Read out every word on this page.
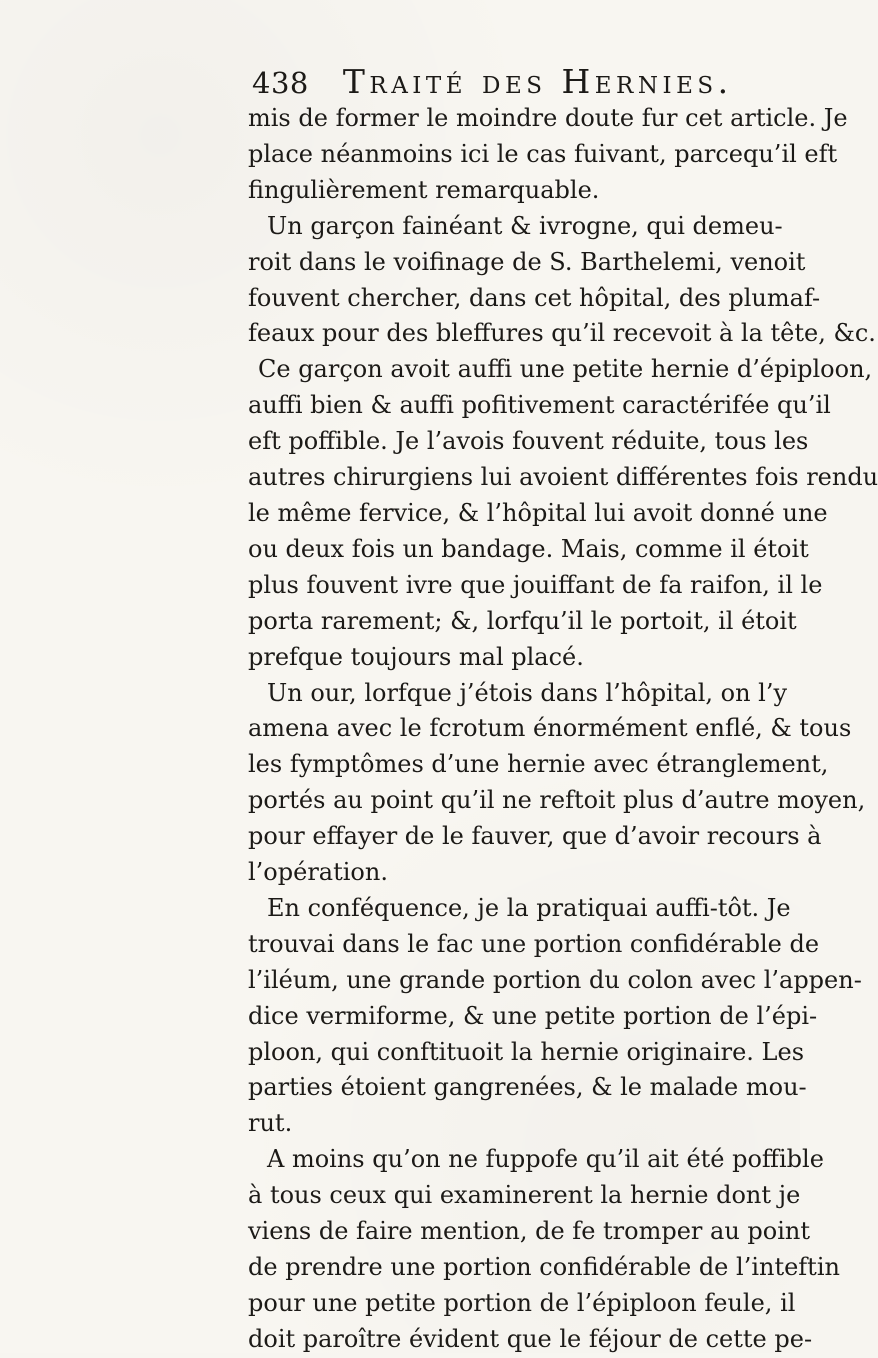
438 Traité des Hernies.
mis de former le moindre doute fur cet article. Je
place néanmoins ici le cas fuivant, parcequ’il eft
fingulièrement remarquable.
Un garçon fainéant & ivrogne, qui demeu-
roit dans le voifinage de S. Barthelemi, venoit
fouvent chercher, dans cet hôpital, des plumaf-
feaux pour des bleffures qu’il recevoit à la tête, &c.
Ce garçon avoit auffi une petite hernie d’épiploon,
auffi bien & auffi pofitivement caractérifée qu’il
eft poffible. Je l’avois fouvent réduite, tous les
autres chirurgiens lui avoient différentes fois rendu
le même fervice, & l’hôpital lui avoit donné une
ou deux fois un bandage. Mais, comme il étoit
plus fouvent ivre que jouiffant de fa raifon, il le
porta rarement; &, lorfqu’il le portoit, il étoit
prefque toujours mal placé.
Un our, lorfque j’étois dans l’hôpital, on l’y
amena avec le fcrotum énormément enflé, & tous
les fymptômes d’une hernie avec étranglement,
portés au point qu’il ne reftoit plus d’autre moyen,
pour effayer de le fauver, que d’avoir recours à
l’opération.
En conféquence, je la pratiquai auffi-tôt. Je
trouvai dans le fac une portion confidérable de
l’iléum, une grande portion du colon avec l’appen-
dice vermiforme, & une petite portion de l’épi-
ploon, qui conftituoit la hernie originaire. Les
parties étoient gangrenées, & le malade mou-
rut.
A moins qu’on ne fuppofe qu’il ait été poffible
à tous ceux qui examinerent la hernie dont je
viens de faire mention, de fe tromper au point
de prendre une portion confidérable de l’inteftin
pour une petite portion de l’épiploon feule, il
doit paroître évident que le féjour de cette pe-
